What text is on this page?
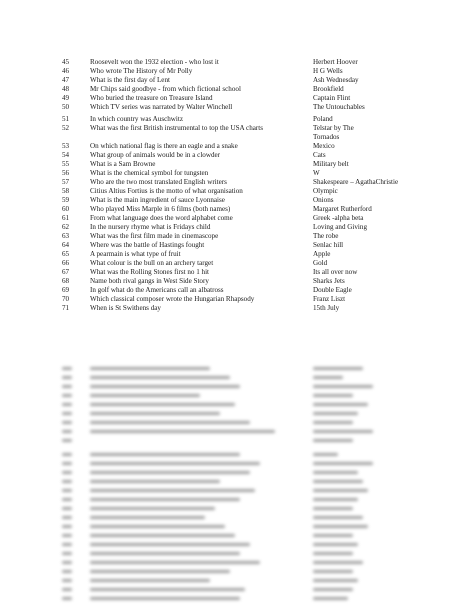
45	Roosevelt won the 1932 election - who lost it	Herbert Hoover
46	Who wrote The History of Mr Polly	H G Wells
47	What is the first day of Lent	Ash Wednesday
48	Mr Chips said goodbye - from which fictional school	Brookfield
49	Who buried the treasure on Treasure Island	Captain Flint
50	Which TV series was narrated by Walter Winchell	The Untouchables
51	In which country was Auschwitz	Poland
52	What was the first British instrumental to top the USA charts	Telstar by The
Tornados
53	On which national flag is there an eagle and a snake	Mexico
54	What group of animals would be in a clowder	Cats
55	What is a Sam Browne	Military belt
56	What is the chemical symbol for tungsten	W
57	Who are the two most translated English writers	Shakespeare – AgathaChristie
58	Citius Altius Fortius is the motto of what organisation	Olympic
59	What is the main ingredient of sauce Lyonnaise	Onions
60	Who played Miss Marple in 6 films (both names)	Margaret Rutherford
61	From what language does the word alphabet come	Greek -alpha beta
62	In the nursery rhyme what is Fridays child	Loving and Giving
63	What was the first film made in cinemascope	The robe
64	Where was the battle of Hastings fought	Senlac hill
65	A pearmain is what type of fruit	Apple
66	What colour is the bull on an archery target	Gold
67	What was the Rolling Stones first no 1 hit	Its all over now
68	Name both rival gangs in West Side Story	Sharks Jets
69	In golf what do the Americans call an albatross	Double Eagle
70	Which classical composer wrote the Hungarian Rhapsody	Franz Liszt
71	When is St Swithens day	15th July
